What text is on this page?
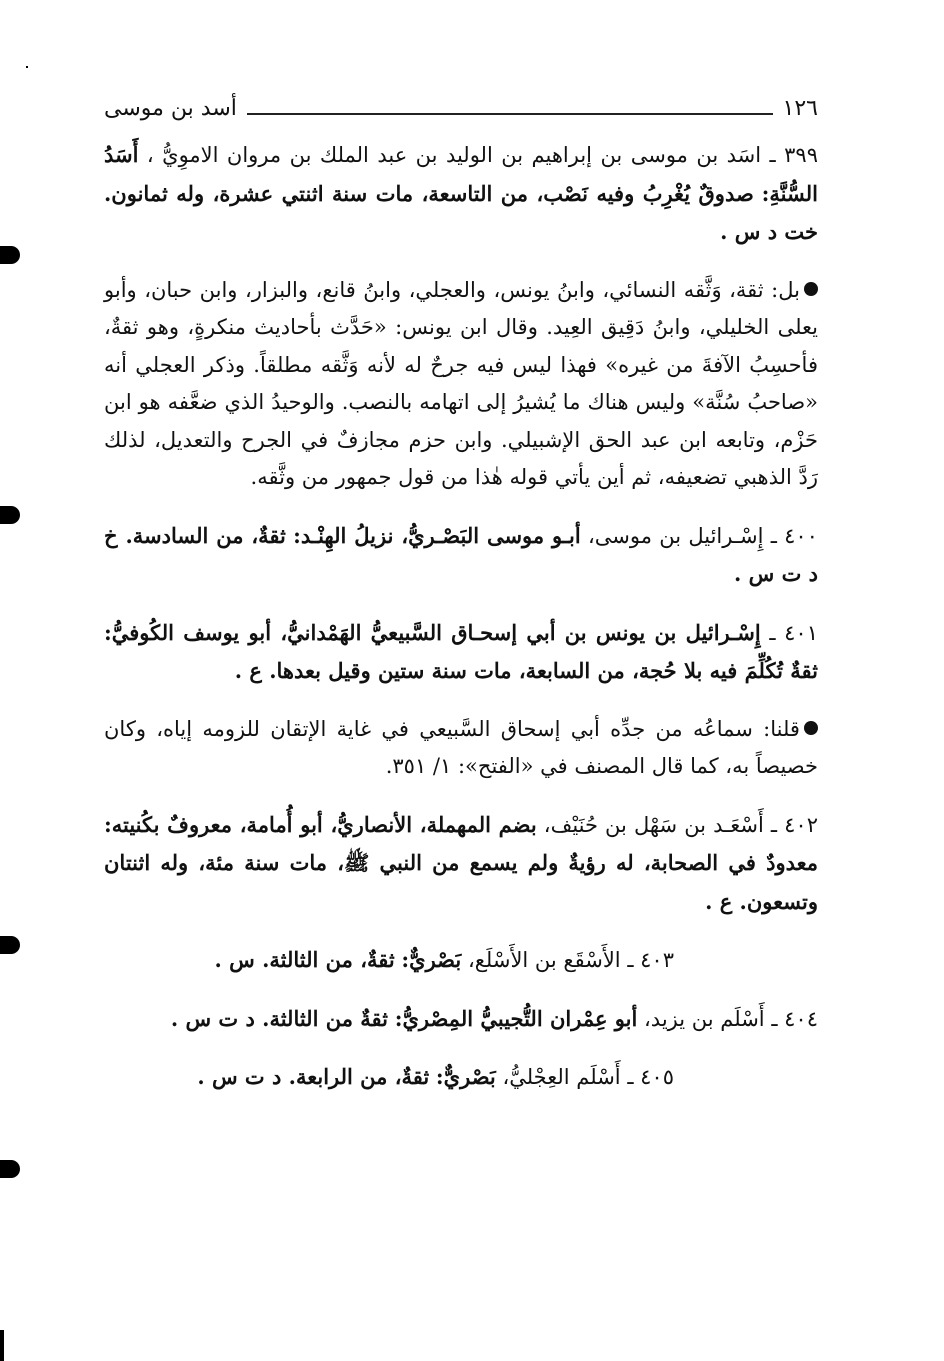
١٢٦
أسد بن موسى

٣٩٩ ـ اسَد بن موسى بن إبراهيم بن الوليد بن عبد الملك بن مروان الاموِيُّ ، أَسَدُ السُّنَّةِ: صدوقٌ يُغْرِبُ وفيه نَصْب، من التاسعة، مات سنة اثنتي عشرة، وله ثمانون. خت د س .

بل: ثقة، وَثَّقه النسائي، وابنُ يونس، والعجلي، وابنُ قانع، والبزار، وابن حبان، وأبو يعلى الخليلي، وابنُ دَقِيق العِيد. وقال ابن يونس: «حَدَّث بأحاديث منكرةٍ، وهو ثقةٌ، فأحسِبُ الآفةَ من غيره» فهذا ليس فيه جرحٌ له لأنه وَثَّقه مطلقاً. وذكر العجلي أنه «صاحبُ سُنَّة» وليس هناك ما يُشيرُ إلى اتهامه بالنصب. والوحيدُ الذي ضعَّفه هو ابن حَزْم، وتابعه ابن عبد الحق الإشبيلي. وابن حزم مجازفٌ في الجرح والتعديل، لذلك رَدَّ الذهبي تضعيفه، ثم أين يأتي قوله هٰذا من قول جمهور من وثَّقه.

٤٠٠ ـ إِسْـرائيل بن موسى، أبـو موسى البَصْـريُّ، نزيلُ الهِنْـد: ثقةٌ، من السادسة. خ د ت س .

٤٠١ ـ إِسْـرائيل بن يونس بن أبي إسحـاق السَّبيعيُّ الهَمْدانيُّ، أبو يوسف الكُوفيُّ: ثقةٌ تُكُلِّمَ فيه بلا حُجة، من السابعة، مات سنة ستين وقيل بعدها. ع .

قلنا: سماعُه من جدِّه أبي إسحاق السَّبيعي في غاية الإتقان للزومه إياه، وكان خصيصاً به، كما قال المصنف في «الفتح»: ١/ ٣٥١.

٤٠٢ ـ أَسْعَـد بن سَهْل بن حُنَيْف، بضم المهملة، الأنصاريُّ، أبو أُمامة، معروفٌ بكُنيته: معدودٌ في الصحابة، له رؤيةٌ ولم يسمع من النبي ﷺ، مات سنة مئة، وله اثنتان وتسعون. ع .

٤٠٣ ـ الأَسْقَع بن الأَسْلَع، بَصْريٌّ: ثقةٌ، من الثالثة. س .

٤٠٤ ـ أَسْلَم بن يزيد، أبو عِمْران التُّجيبيُّ المِصْريُّ: ثقةٌ من الثالثة. د ت س .

٤٠٥ ـ أَسْلَم العِجْليُّ، بَصْريٌّ: ثقةٌ، من الرابعة. د ت س .
